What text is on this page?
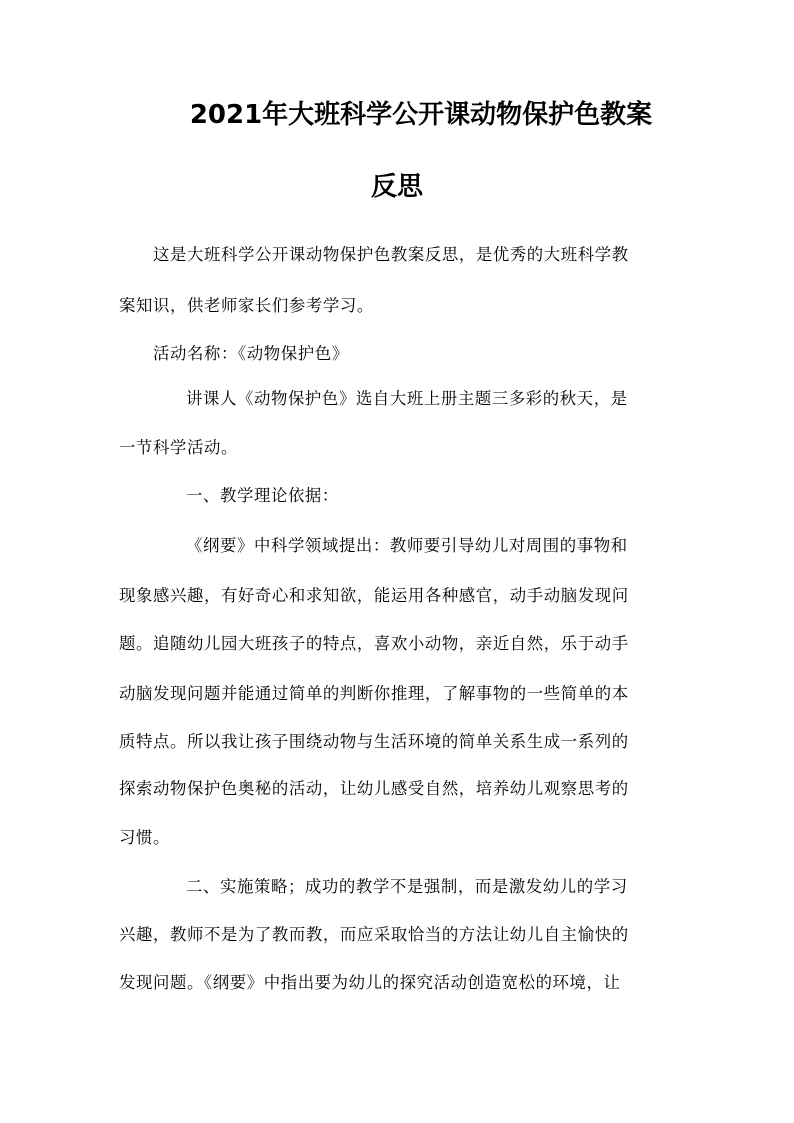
2021年大班科学公开课动物保护色教案
反思
这是大班科学公开课动物保护色教案反思，是优秀的大班科学教
案知识，供老师家长们参考学习。
活动名称：《动物保护色》
讲课人《动物保护色》选自大班上册主题三多彩的秋天，是
一节科学活动。
一、教学理论依据：
《纲要》中科学领域提出：教师要引导幼儿对周围的事物和
现象感兴趣，有好奇心和求知欲，能运用各种感官，动手动脑发现问
题。追随幼儿园大班孩子的特点，喜欢小动物，亲近自然，乐于动手
动脑发现问题并能通过简单的判断你推理，了解事物的一些简单的本
质特点。所以我让孩子围绕动物与生活环境的简单关系生成一系列的
探索动物保护色奥秘的活动，让幼儿感受自然，培养幼儿观察思考的
习惯。
二、实施策略；成功的教学不是强制，而是激发幼儿的学习
兴趣，教师不是为了教而教，而应采取恰当的方法让幼儿自主愉快的
发现问题。《纲要》中指出要为幼儿的探究活动创造宽松的环境，让
